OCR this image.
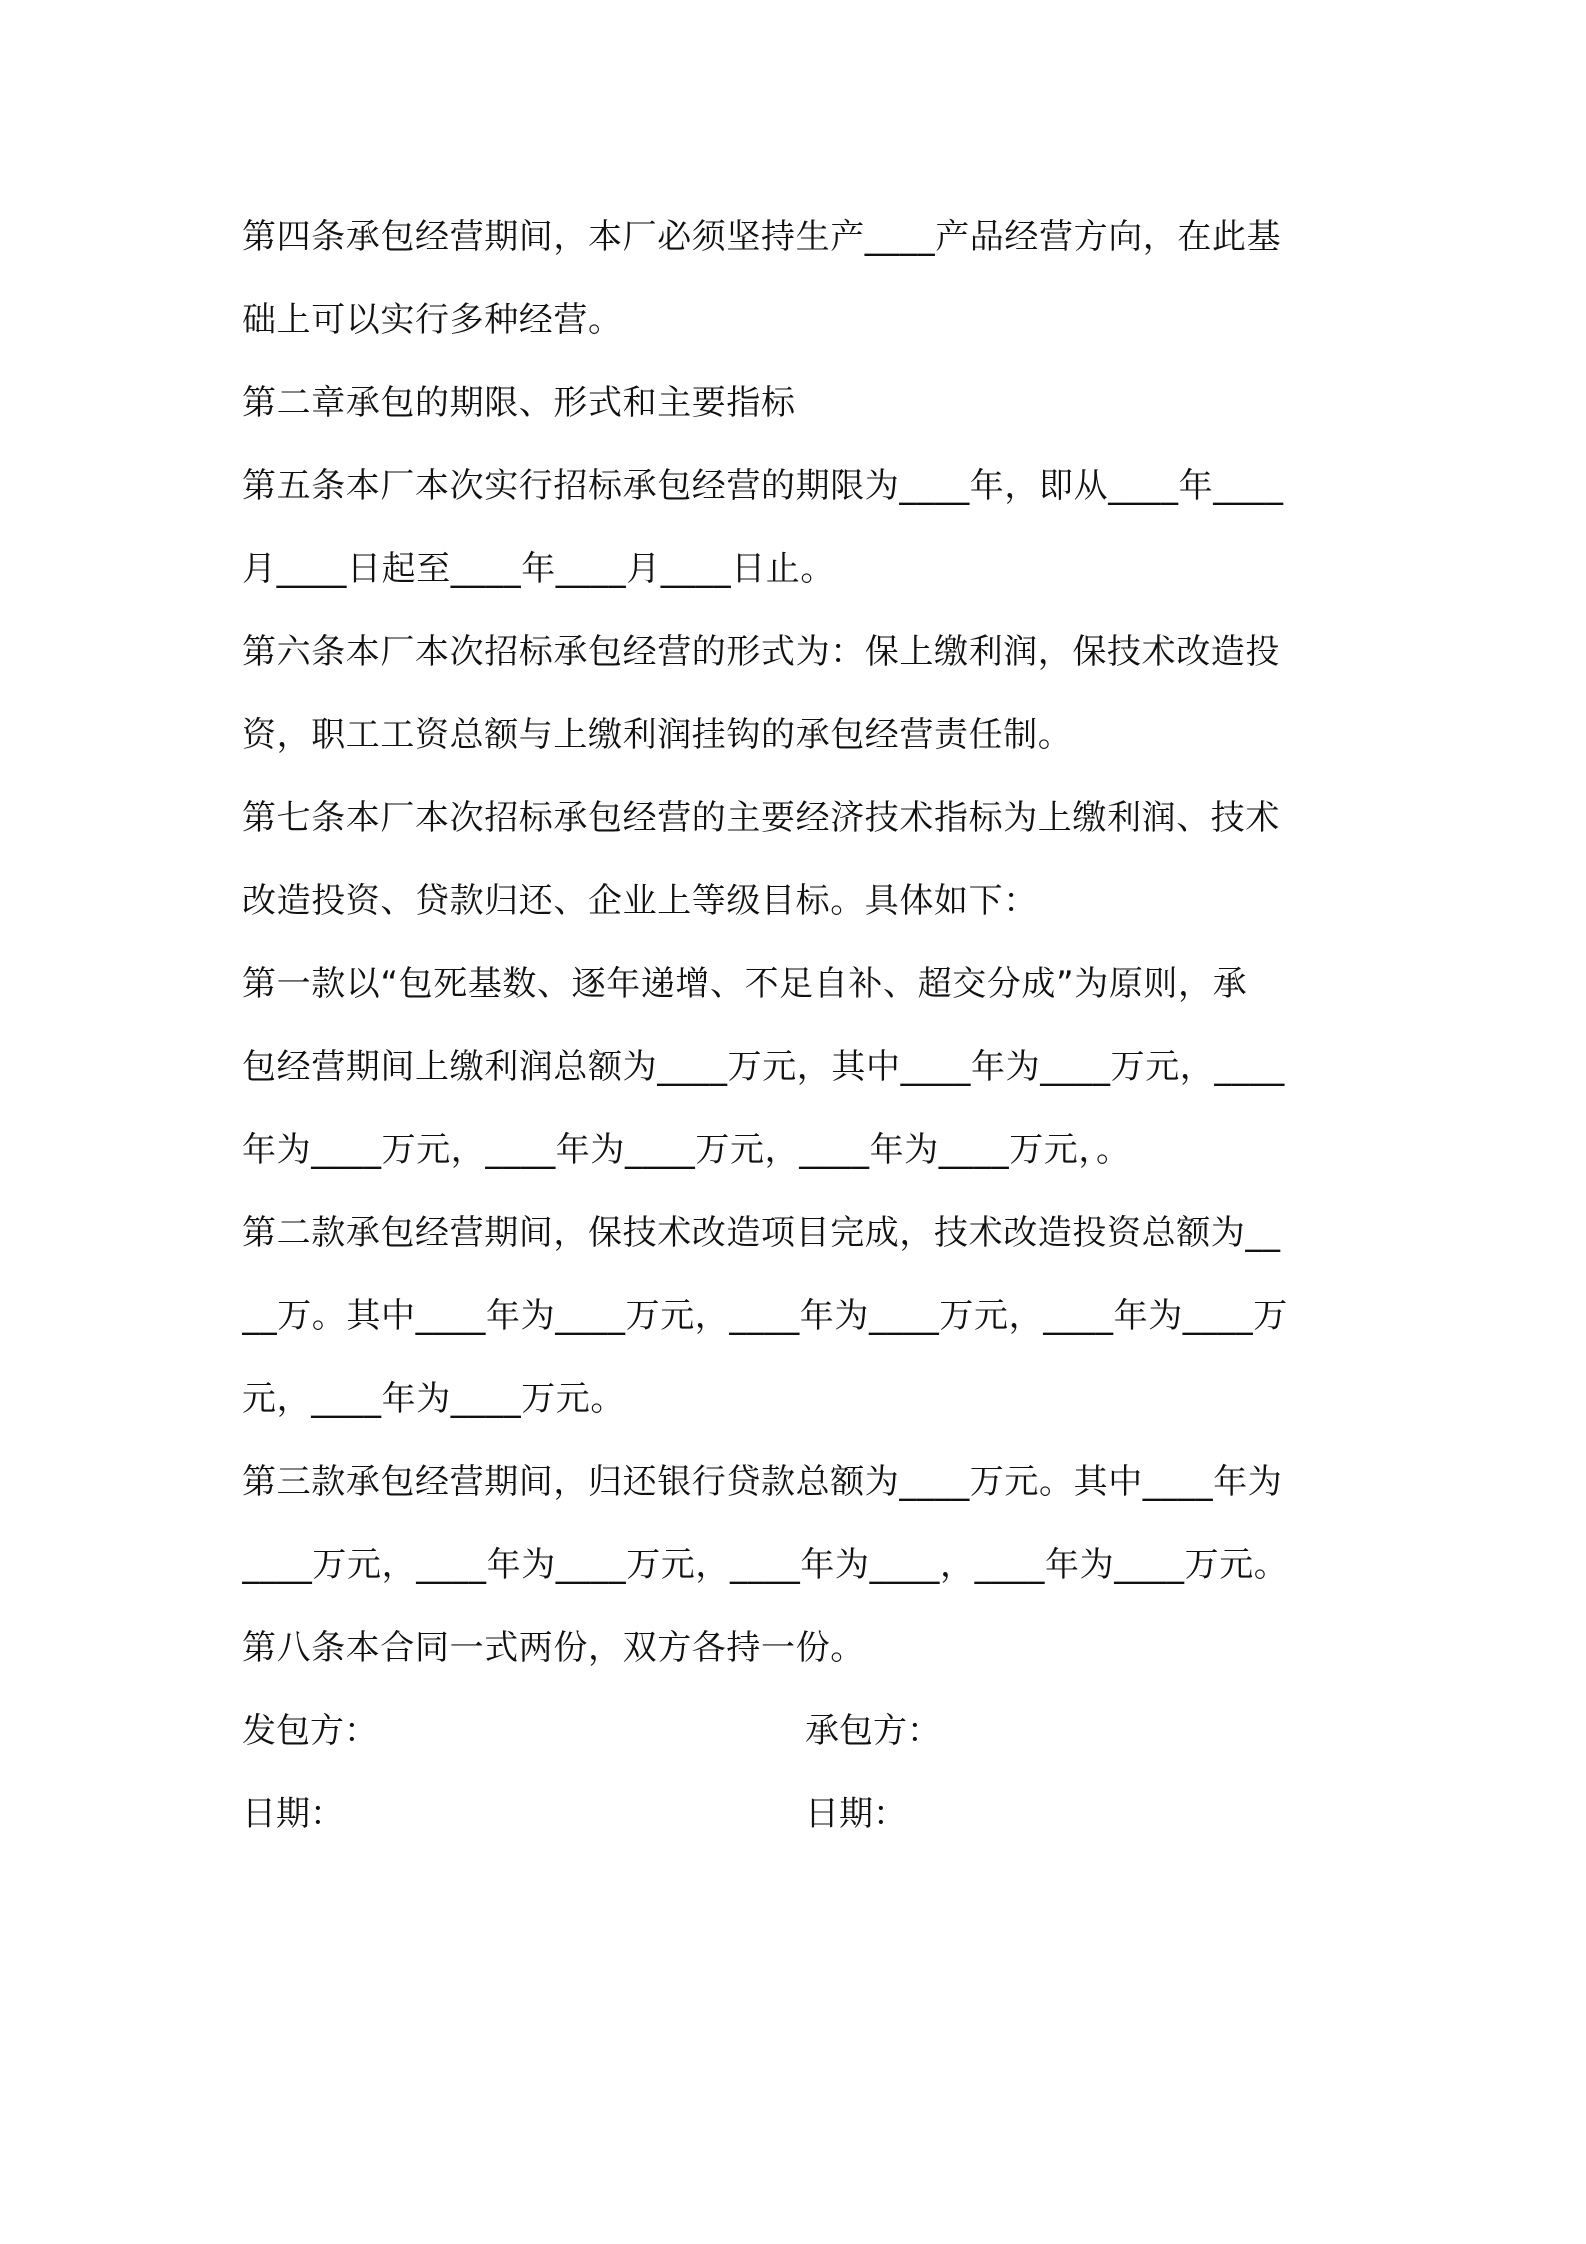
第四条承包经营期间，本厂必须坚持生产____产品经营方向，在此基
础上可以实行多种经营。
第二章承包的期限、形式和主要指标
第五条本厂本次实行招标承包经营的期限为____年，即从____年____
月____日起至____年____月____日止。
第六条本厂本次招标承包经营的形式为：保上缴利润，保技术改造投
资，职工工资总额与上缴利润挂钩的承包经营责任制。
第七条本厂本次招标承包经营的主要经济技术指标为上缴利润、技术
改造投资、贷款归还、企业上等级目标。具体如下：
第一款以“包死基数、逐年递增、不足自补、超交分成”为原则，承
包经营期间上缴利润总额为____万元，其中____年为____万元，____
年为____万元，____年为____万元，____年为____万元，。
第二款承包经营期间，保技术改造项目完成，技术改造投资总额为__
__万。其中____年为____万元，____年为____万元，____年为____万
元，____年为____万元。
第三款承包经营期间，归还银行贷款总额为____万元。其中____年为
____万元，____年为____万元，____年为____，____年为____万元。
第八条本合同一式两份，双方各持一份。
发包方：	承包方：
日期：	日期：
